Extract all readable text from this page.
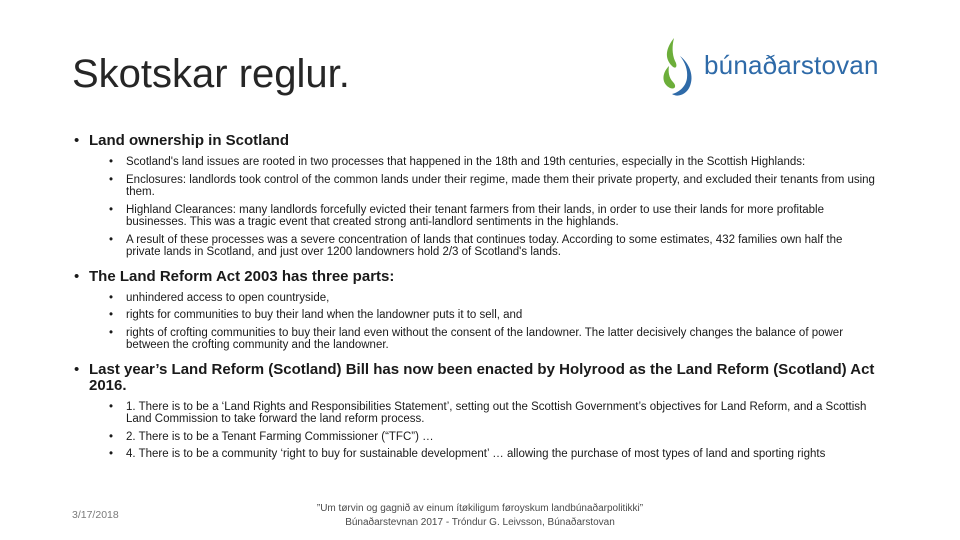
Skotskar reglur.	búnaðarstovan
• Land ownership in Scotland
• Scotland's land issues are rooted in two processes that happened in the 18th and 19th centuries, especially in the Scottish Highlands:
• Enclosures: landlords took control of the common lands under their regime, made them their private property, and excluded their tenants from using them.
• Highland Clearances: many landlords forcefully evicted their tenant farmers from their lands, in order to use their lands for more profitable businesses. This was a tragic event that created strong anti-landlord sentiments in the highlands.
• A result of these processes was a severe concentration of lands that continues today. According to some estimates, 432 families own half the private lands in Scotland, and just over 1200 landowners hold 2/3 of Scotland's lands.
• The Land Reform Act 2003 has three parts:
• unhindered access to open countryside,
• rights for communities to buy their land when the landowner puts it to sell, and
• rights of crofting communities to buy their land even without the consent of the landowner. The latter decisively changes the balance of power between the crofting community and the landowner.
• Last year’s Land Reform (Scotland) Bill has now been enacted by Holyrood as the Land Reform (Scotland) Act 2016.
• 1. There is to be a ‘Land Rights and Responsibilities Statement’, setting out the Scottish Government’s objectives for Land Reform, and a Scottish Land Commission to take forward the land reform process.
• 2. There is to be a Tenant Farming Commissioner (“TFC”) …
• 4. There is to be a community ‘right to buy for sustainable development’ … allowing the purchase of most types of land and sporting rights
3/17/2018
”Um tørvin og gagnið av einum ítøkiligum føroyskum landbúnaðarpolitikki”
Búnaðarstevnan 2017 - Tróndur G. Leivsson, Búnaðarstovan
